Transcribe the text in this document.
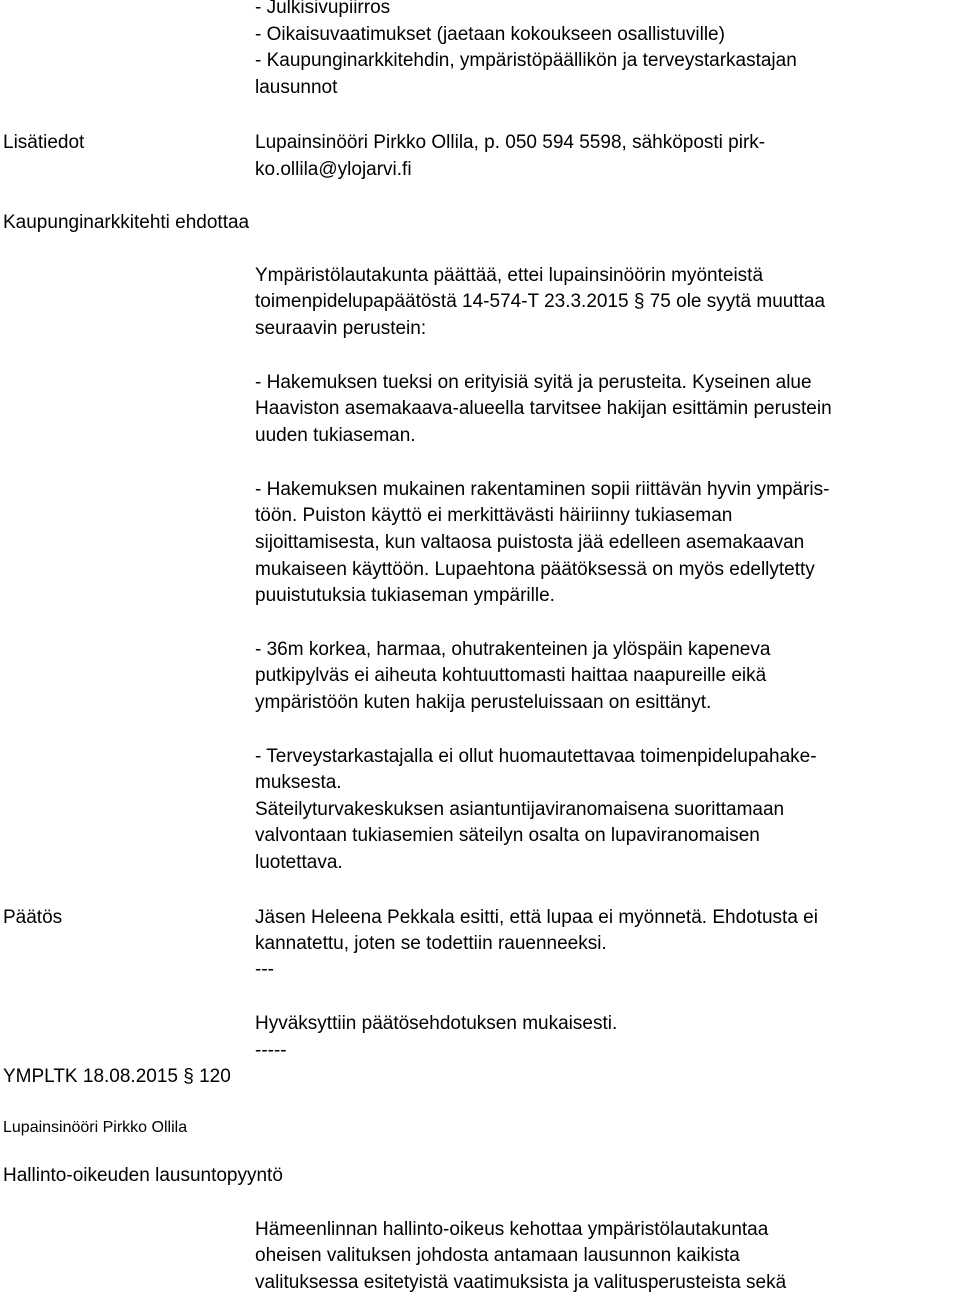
- Julkisivupiirros
- Oikaisuvaatimukset (jaetaan kokoukseen osallistuville)
- Kaupunginarkkitehdin, ympäristöpäällikön ja terveystarkastajan
lausunnot
Lisätiedot	Lupainsinööri Pirkko Ollila, p. 050 594 5598, sähköposti pirk-
ko.ollila@ylojarvi.fi
Kaupunginarkkitehti ehdottaa
Ympäristölautakunta päättää, ettei lupainsinöörin myönteistä
toimenpidelupapäätöstä 14-574-T 23.3.2015 § 75 ole syytä muuttaa
seuraavin perustein:
- Hakemuksen tueksi on erityisiä syitä ja perusteita. Kyseinen alue
Haaviston asemakaava-alueella tarvitsee hakijan esittämin perustein
uuden tukiaseman.
- Hakemuksen mukainen rakentaminen sopii riittävän hyvin ympäris-
töön. Puiston käyttö ei merkittävästi häiriinny tukiaseman
sijoittamisesta, kun valtaosa puistosta jää edelleen asemakaavan
mukaiseen käyttöön. Lupaehtona päätöksessä on myös edellytetty
puuistutuksia tukiaseman ympärille.
- 36m korkea, harmaa, ohutrakenteinen ja ylöspäin kapeneva
putkipylväs ei aiheuta kohtuuttomasti haittaa naapureille eikä
ympäristöön kuten hakija perusteluissaan on esittänyt.
- Terveystarkastajalla ei ollut huomautettavaa toimenpidelupahake-
muksesta.
Säteilyturvakeskuksen asiantuntijaviranomaisena suorittamaan
valvontaan tukiasemien säteilyn osalta on lupaviranomaisen
luotettava.
Päätös	Jäsen Heleena Pekkala esitti, että lupaa ei myönnetä. Ehdotusta ei
kannatettu, joten se todettiin rauenneeksi.
---
Hyväksyttiin päätösehdotuksen mukaisesti.
-----
YMPLTK 18.08.2015 § 120
Lupainsinööri Pirkko Ollila
Hallinto-oikeuden lausuntopyyntö
Hämeenlinnan hallinto-oikeus kehottaa ympäristölautakuntaa
oheisen valituksen johdosta antamaan lausunnon kaikista
valituksessa esitetyistä vaatimuksista ja valitusperusteista sekä
